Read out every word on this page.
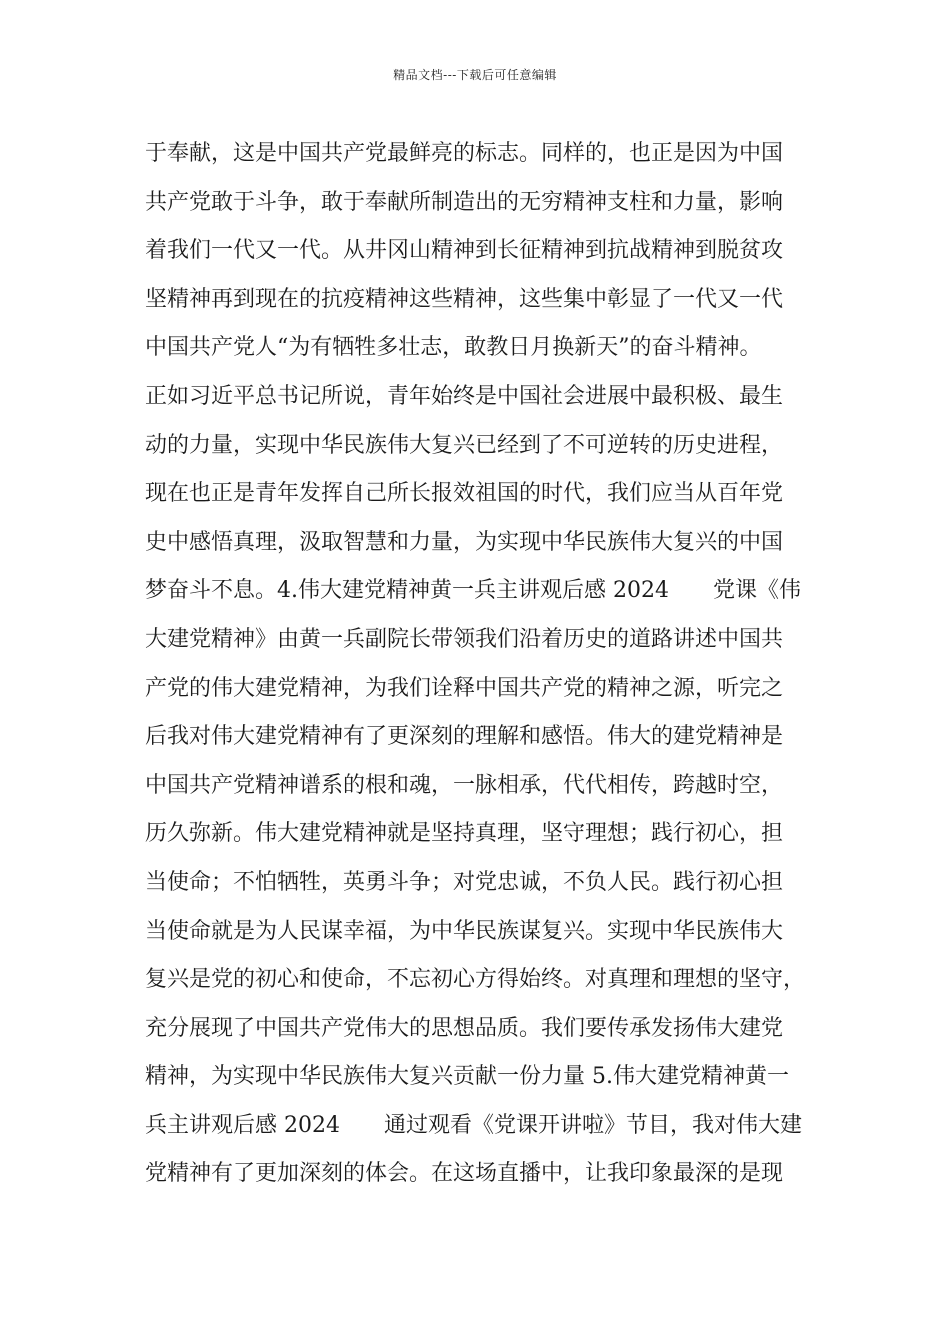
精品文档---下载后可任意编辑

于奉献，这是中国共产党最鲜亮的标志。同样的，也正是因为中国
共产党敢于斗争，敢于奉献所制造出的无穷精神支柱和力量，影响
着我们一代又一代。从井冈山精神到长征精神到抗战精神到脱贫攻
坚精神再到现在的抗疫精神这些精神，这些集中彰显了一代又一代
中国共产党人“为有牺牲多壮志，敢教日月换新天”的奋斗精神。
正如习近平总书记所说，青年始终是中国社会进展中最积极、最生
动的力量，实现中华民族伟大复兴已经到了不可逆转的历史进程，
现在也正是青年发挥自己所长报效祖国的时代，我们应当从百年党
史中感悟真理，汲取智慧和力量，为实现中华民族伟大复兴的中国
梦奋斗不息。4.伟大建党精神黄一兵主讲观后感 2024　　党课《伟
大建党精神》由黄一兵副院长带领我们沿着历史的道路讲述中国共
产党的伟大建党精神，为我们诠释中国共产党的精神之源，听完之
后我对伟大建党精神有了更深刻的理解和感悟。伟大的建党精神是
中国共产党精神谱系的根和魂，一脉相承，代代相传，跨越时空，
历久弥新。伟大建党精神就是坚持真理，坚守理想；践行初心，担
当使命；不怕牺牲，英勇斗争；对党忠诚，不负人民。践行初心担
当使命就是为人民谋幸福，为中华民族谋复兴。实现中华民族伟大
复兴是党的初心和使命，不忘初心方得始终。对真理和理想的坚守，
充分展现了中国共产党伟大的思想品质。我们要传承发扬伟大建党
精神，为实现中华民族伟大复兴贡献一份力量 5.伟大建党精神黄一
兵主讲观后感 2024　　通过观看《党课开讲啦》节目，我对伟大建
党精神有了更加深刻的体会。在这场直播中，让我印象最深的是现
